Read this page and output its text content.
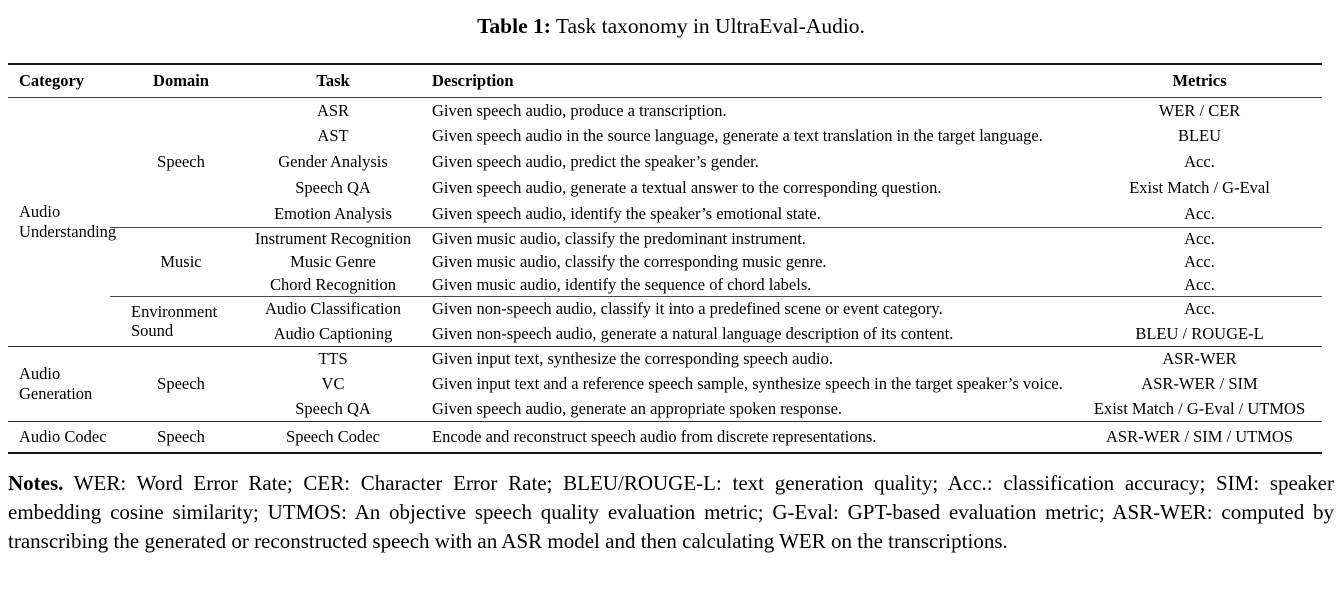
Table 1: Task taxonomy in UltraEval-Audio.
Category	Domain	Task	Description	Metrics
Audio Understanding	Speech	ASR	Given speech audio, produce a transcription.	WER / CER
		AST	Given speech audio in the source language, generate a text translation in the target language.	BLEU
		Gender Analysis	Given speech audio, predict the speaker’s gender.	Acc.
		Speech QA	Given speech audio, generate a textual answer to the corresponding question.	Exist Match / G-Eval
		Emotion Analysis	Given speech audio, identify the speaker’s emotional state.	Acc.
	Music	Instrument Recognition	Given music audio, classify the predominant instrument.	Acc.
		Music Genre	Given music audio, classify the corresponding music genre.	Acc.
		Chord Recognition	Given music audio, identify the sequence of chord labels.	Acc.
	Environment Sound	Audio Classification	Given non-speech audio, classify it into a predefined scene or event category.	Acc.
		Audio Captioning	Given non-speech audio, generate a natural language description of its content.	BLEU / ROUGE-L
Audio Generation	Speech	TTS	Given input text, synthesize the corresponding speech audio.	ASR-WER
		VC	Given input text and a reference speech sample, synthesize speech in the target speaker’s voice.	ASR-WER / SIM
		Speech QA	Given speech audio, generate an appropriate spoken response.	Exist Match / G-Eval / UTMOS
Audio Codec	Speech	Speech Codec	Encode and reconstruct speech audio from discrete representations.	ASR-WER / SIM / UTMOS

Notes. WER: Word Error Rate; CER: Character Error Rate; BLEU/ROUGE-L: text generation quality; Acc.: classification accuracy; SIM: speaker embedding cosine similarity; UTMOS: An objective speech quality evaluation metric; G-Eval: GPT-based evaluation metric; ASR-WER: computed by transcribing the generated or reconstructed speech with an ASR model and then calculating WER on the transcriptions.
